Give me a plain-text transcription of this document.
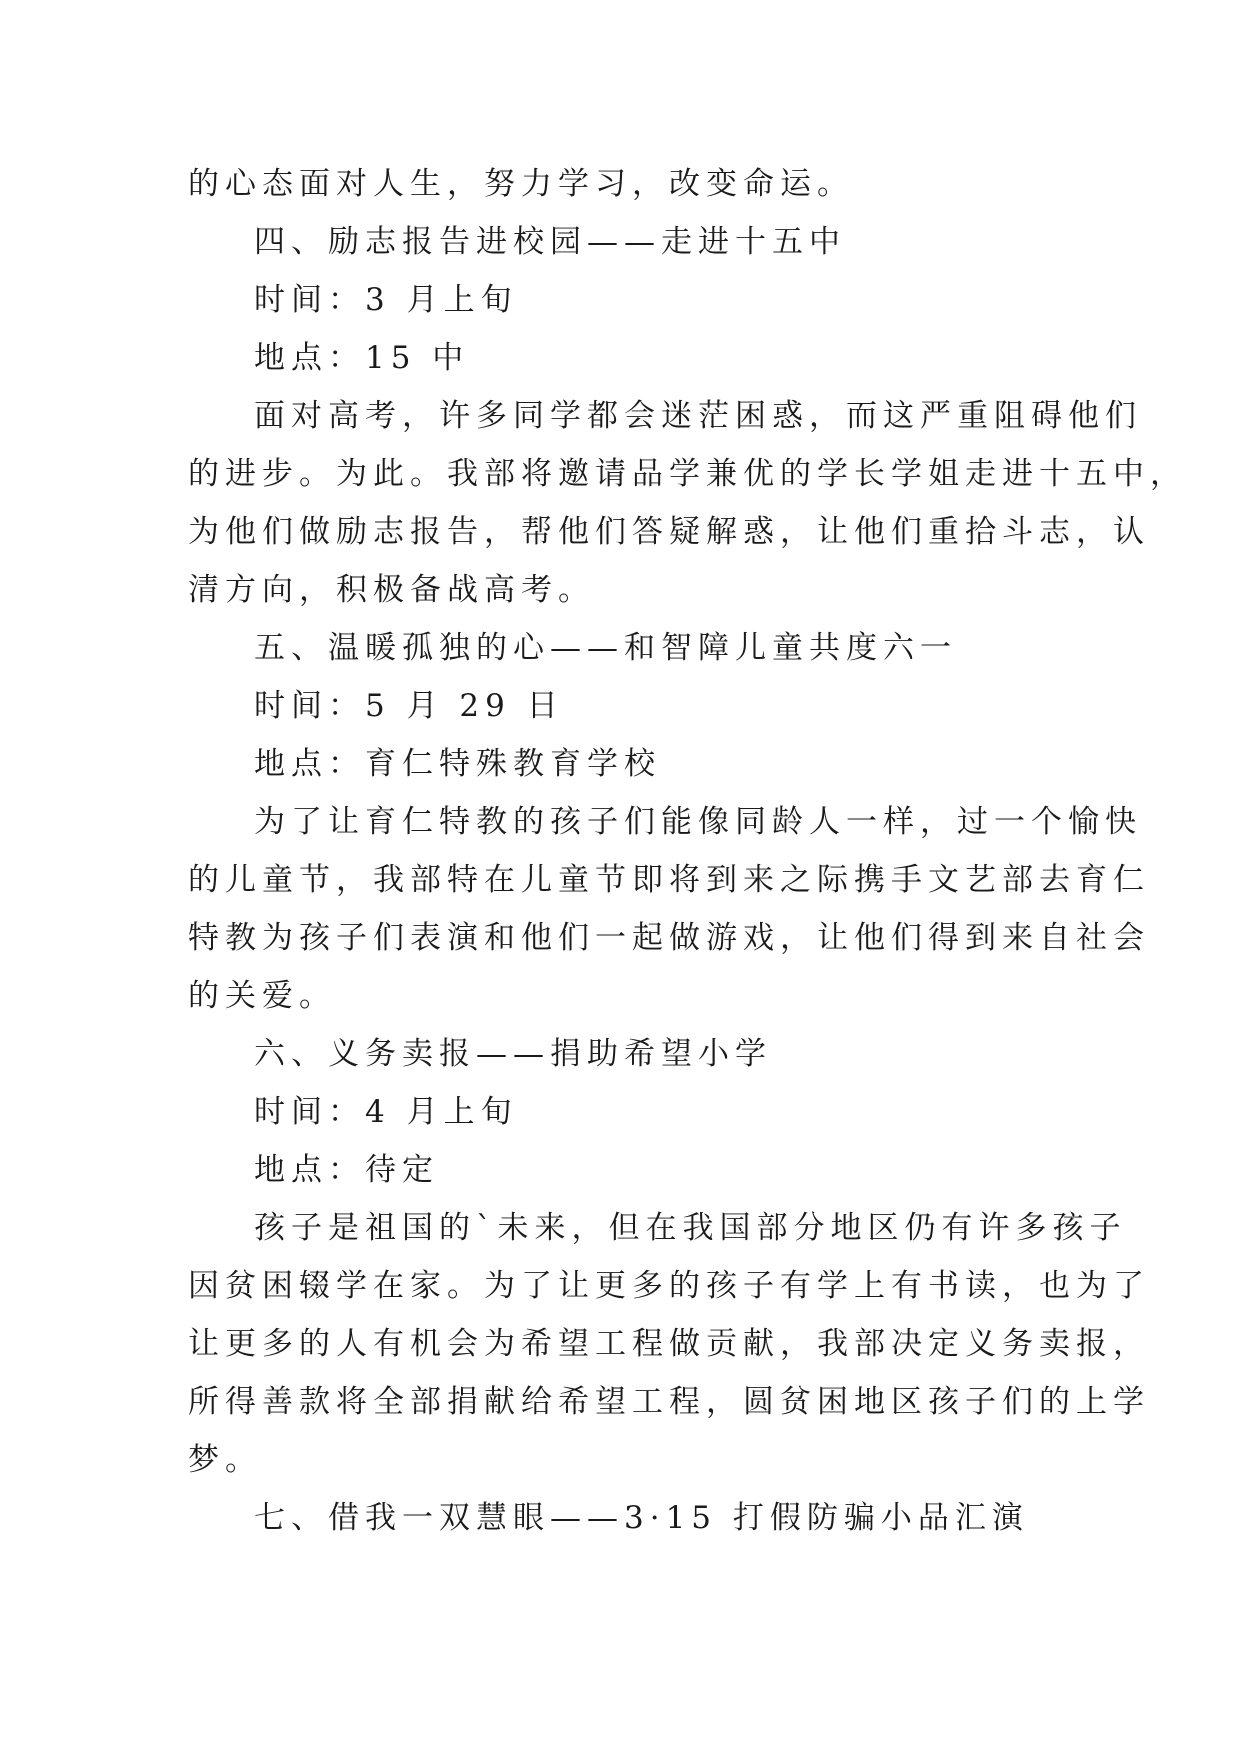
的心态面对人生，努力学习，改变命运。
四、励志报告进校园——走进十五中
时间：3 月上旬
地点：15 中
面对高考，许多同学都会迷茫困惑，而这严重阻碍他们
的进步。为此。我部将邀请品学兼优的学长学姐走进十五中，
为他们做励志报告，帮他们答疑解惑，让他们重拾斗志，认
清方向，积极备战高考。
五、温暖孤独的心——和智障儿童共度六一
时间：5 月 29 日
地点：育仁特殊教育学校
为了让育仁特教的孩子们能像同龄人一样，过一个愉快
的儿童节，我部特在儿童节即将到来之际携手文艺部去育仁
特教为孩子们表演和他们一起做游戏，让他们得到来自社会
的关爱。
六、义务卖报——捐助希望小学
时间：4 月上旬
地点：待定
孩子是祖国的`未来，但在我国部分地区仍有许多孩子
因贫困辍学在家。为了让更多的孩子有学上有书读，也为了
让更多的人有机会为希望工程做贡献，我部决定义务卖报，
所得善款将全部捐献给希望工程，圆贫困地区孩子们的上学
梦。
七、借我一双慧眼——3·15 打假防骗小品汇演
